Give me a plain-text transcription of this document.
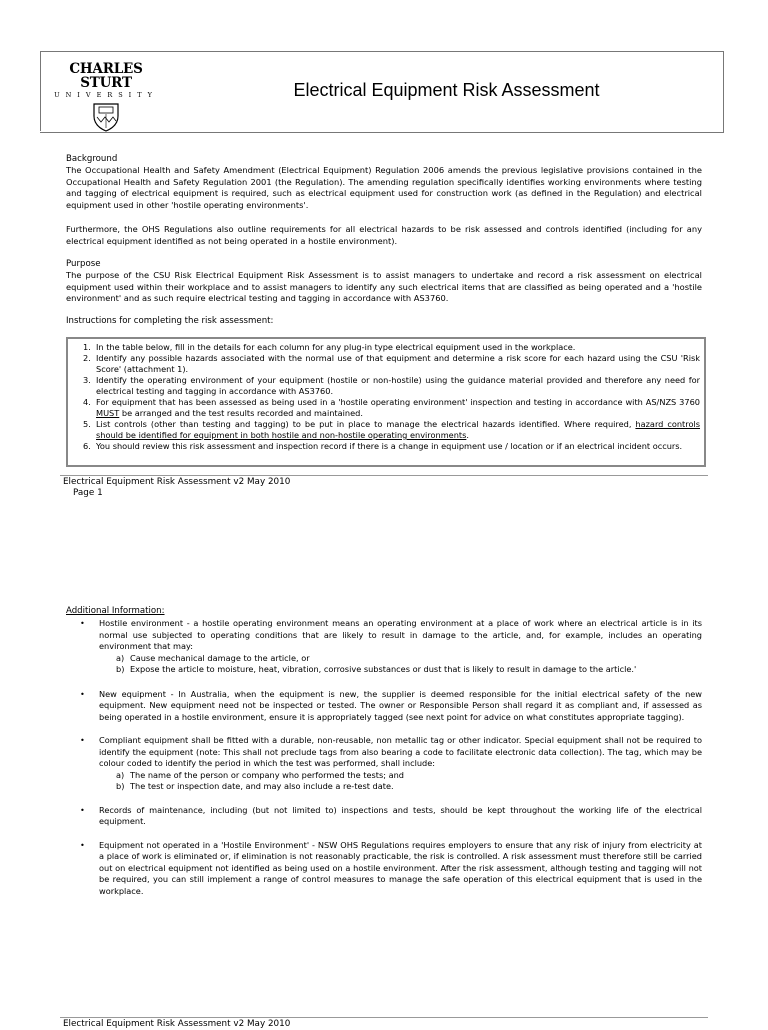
CHARLES STURT
UNIVERSITY	Electrical Equipment Risk Assessment
Background
The Occupational Health and Safety Amendment (Electrical Equipment) Regulation 2006 amends the previous legislative provisions contained in the Occupational Health and Safety Regulation 2001 (the Regulation). The amending regulation specifically identifies working environments where testing and tagging of electrical equipment is required, such as electrical equipment used for construction work (as defined in the Regulation) and electrical equipment used in other 'hostile operating environments'.
Furthermore, the OHS Regulations also outline requirements for all electrical hazards to be risk assessed and controls identified (including for any electrical equipment identified as not being operated in a hostile environment).
Purpose
The purpose of the CSU Risk Electrical Equipment Risk Assessment is to assist managers to undertake and record a risk assessment on electrical equipment used within their workplace and to assist managers to identify any such electrical items that are classified as being operated and a 'hostile environment' and as such require electrical testing and tagging in accordance with AS3760.
Instructions for completing the risk assessment:
1. In the table below, fill in the details for each column for any plug-in type electrical equipment used in the workplace.
2. Identify any possible hazards associated with the normal use of that equipment and determine a risk score for each hazard using the CSU 'Risk Score' (attachment 1).
3. Identify the operating environment of your equipment (hostile or non-hostile) using the guidance material provided and therefore any need for electrical testing and tagging in accordance with AS3760.
4. For equipment that has been assessed as being used in a 'hostile operating environment' inspection and testing in accordance with AS/NZS 3760 MUST be arranged and the test results recorded and maintained.
5. List controls (other than testing and tagging) to be put in place to manage the electrical hazards identified. Where required, hazard controls should be identified for equipment in both hostile and non-hostile operating environments.
6. You should review this risk assessment and inspection record if there is a change in equipment use / location or if an electrical incident occurs.
Electrical Equipment Risk Assessment v2 May 2010
Page 1
Additional Information:
• Hostile environment - a hostile operating environment means an operating environment at a place of work where an electrical article is in its normal use subjected to operating conditions that are likely to result in damage to the article, and, for example, includes an operating environment that may:
a) Cause mechanical damage to the article, or
b) Expose the article to moisture, heat, vibration, corrosive substances or dust that is likely to result in damage to the article.'
• New equipment - In Australia, when the equipment is new, the supplier is deemed responsible for the initial electrical safety of the new equipment. New equipment need not be inspected or tested. The owner or Responsible Person shall regard it as compliant and, if assessed as being operated in a hostile environment, ensure it is appropriately tagged (see next point for advice on what constitutes appropriate tagging).
• Compliant equipment shall be fitted with a durable, non-reusable, non metallic tag or other indicator. Special equipment shall not be required to identify the equipment (note: This shall not preclude tags from also bearing a code to facilitate electronic data collection). The tag, which may be colour coded to identify the period in which the test was performed, shall include:
a) The name of the person or company who performed the tests; and
b) The test or inspection date, and may also include a re-test date.
• Records of maintenance, including (but not limited to) inspections and tests, should be kept throughout the working life of the electrical equipment.
• Equipment not operated in a 'Hostile Environment' - NSW OHS Regulations requires employers to ensure that any risk of injury from electricity at a place of work is eliminated or, if elimination is not reasonably practicable, the risk is controlled. A risk assessment must therefore still be carried out on electrical equipment not identified as being used on a hostile environment. After the risk assessment, although testing and tagging will not be required, you can still implement a range of control measures to manage the safe operation of this electrical equipment that is used in the workplace.
Electrical Equipment Risk Assessment v2 May 2010
